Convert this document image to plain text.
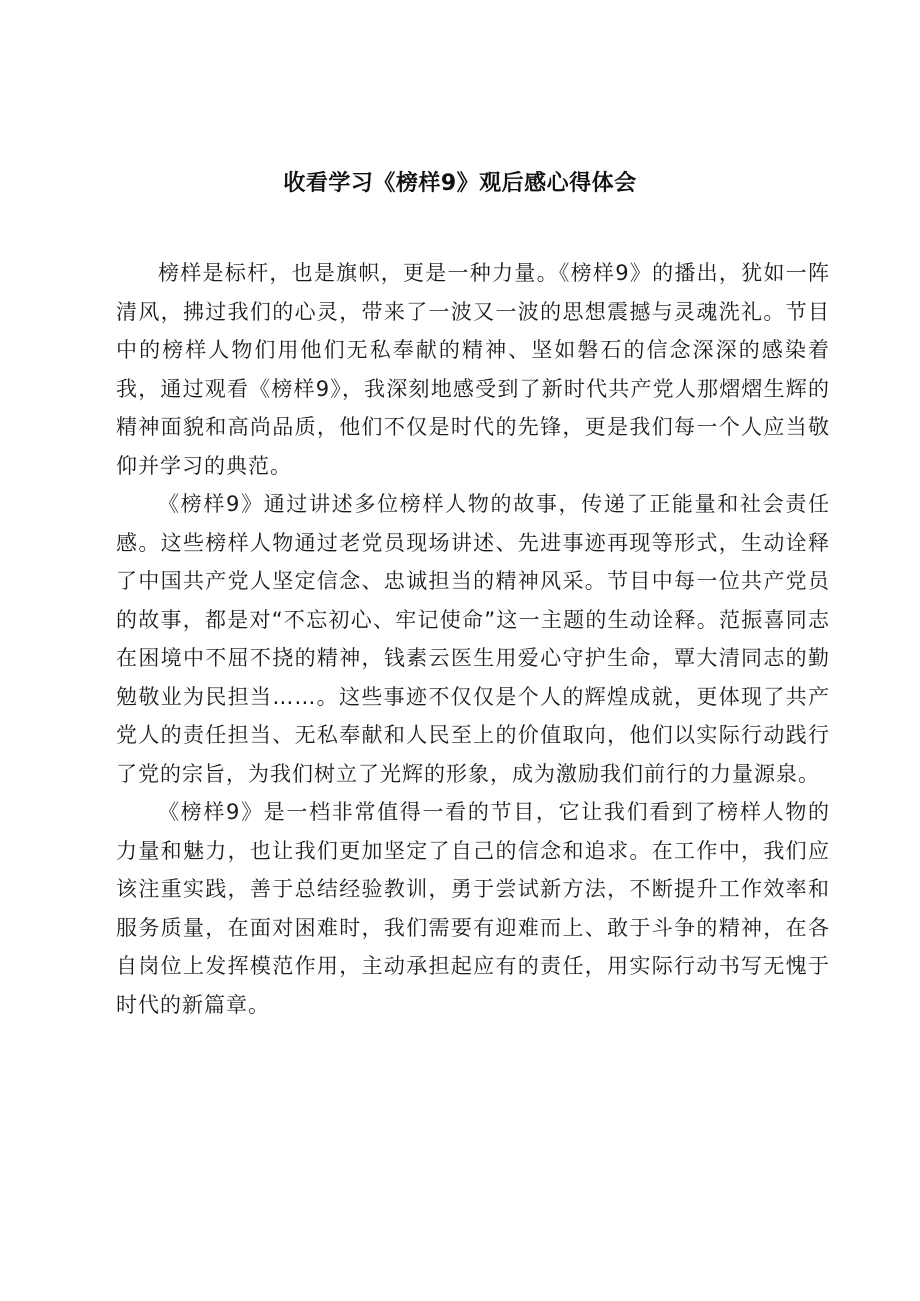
收看学习《榜样9》观后感心得体会

榜样是标杆，也是旗帜，更是一种力量。《榜样9》的播出，犹如一阵清风，拂过我们的心灵，带来了一波又一波的思想震撼与灵魂洗礼。节目中的榜样人物们用他们无私奉献的精神、坚如磐石的信念深深的感染着我，通过观看《榜样9》，我深刻地感受到了新时代共产党人那熠熠生辉的精神面貌和高尚品质，他们不仅是时代的先锋，更是我们每一个人应当敬仰并学习的典范。

《榜样9》通过讲述多位榜样人物的故事，传递了正能量和社会责任感。这些榜样人物通过老党员现场讲述、先进事迹再现等形式，生动诠释了中国共产党人坚定信念、忠诚担当的精神风采。节目中每一位共产党员的故事，都是对“不忘初心、牢记使命”这一主题的生动诠释。范振喜同志在困境中不屈不挠的精神，钱素云医生用爱心守护生命，覃大清同志的勤勉敬业为民担当……。这些事迹不仅仅是个人的辉煌成就，更体现了共产党人的责任担当、无私奉献和人民至上的价值取向，他们以实际行动践行了党的宗旨，为我们树立了光辉的形象，成为激励我们前行的力量源泉。

《榜样9》是一档非常值得一看的节目，它让我们看到了榜样人物的力量和魅力，也让我们更加坚定了自己的信念和追求。在工作中，我们应该注重实践，善于总结经验教训，勇于尝试新方法，不断提升工作效率和服务质量，在面对困难时，我们需要有迎难而上、敢于斗争的精神，在各自岗位上发挥模范作用，主动承担起应有的责任，用实际行动书写无愧于时代的新篇章。
